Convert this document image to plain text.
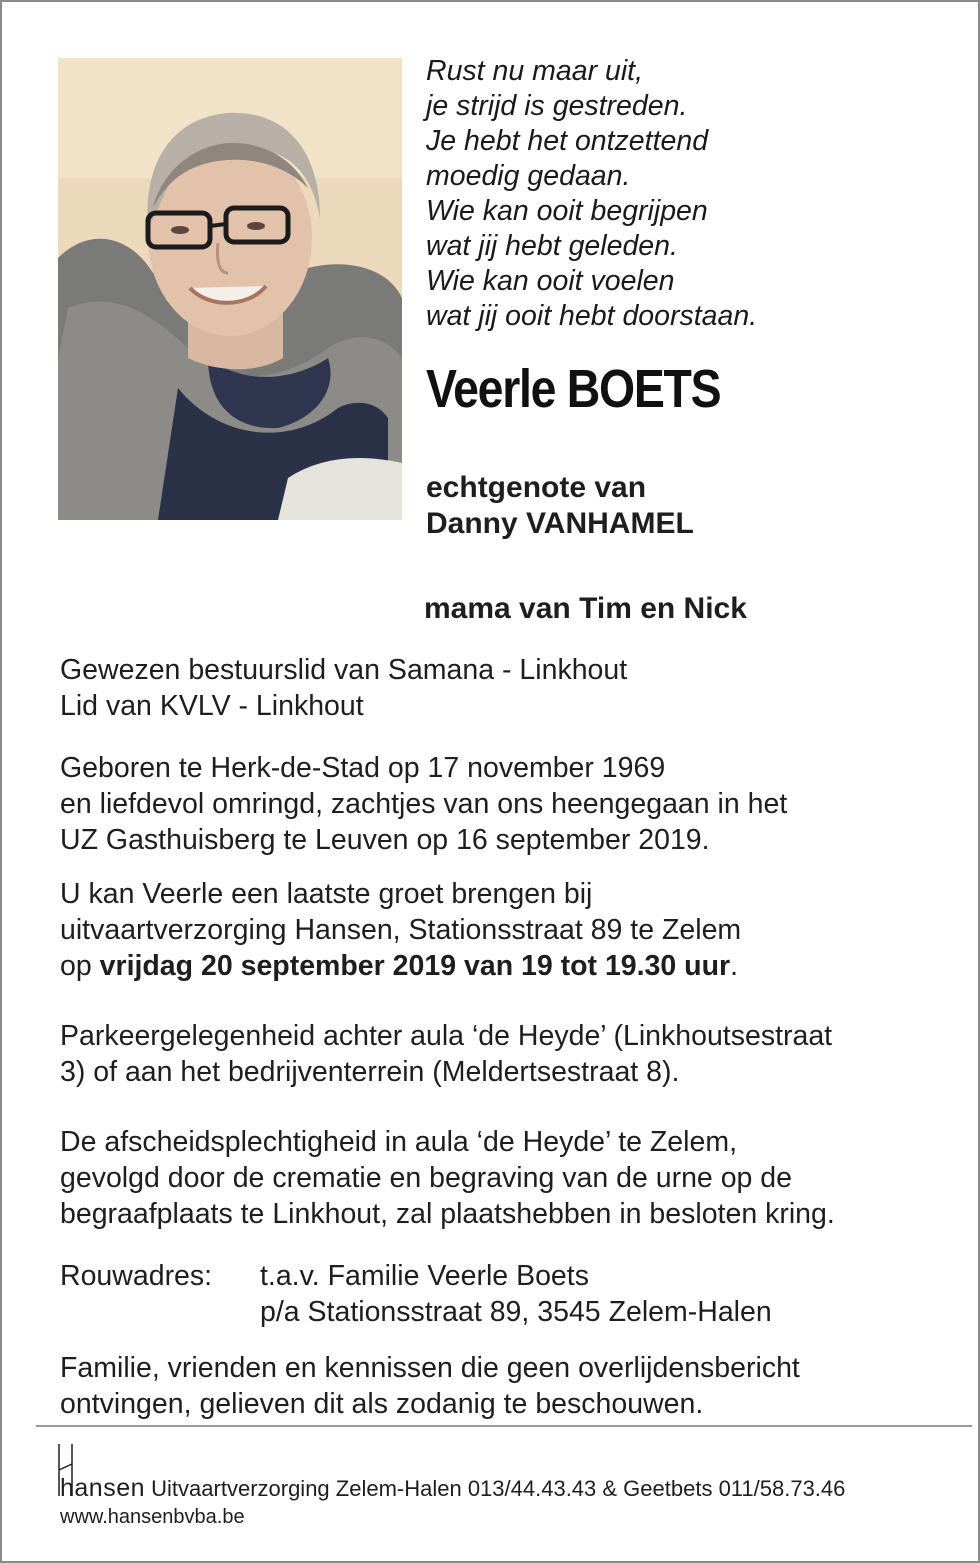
Rust nu maar uit,
je strijd is gestreden.
Je hebt het ontzettend
moedig gedaan.
Wie kan ooit begrijpen
wat jij hebt geleden.
Wie kan ooit voelen
wat jij ooit hebt doorstaan.
Veerle BOETS
echtgenote van
Danny VANHAMEL
mama van Tim en Nick
Gewezen bestuurslid van Samana - Linkhout
Lid van KVLV - Linkhout
Geboren te Herk-de-Stad op 17 november 1969
en liefdevol omringd, zachtjes van ons heengegaan in het
UZ Gasthuisberg te Leuven op 16 september 2019.
U kan Veerle een laatste groet brengen bij
uitvaartverzorging Hansen, Stationsstraat 89 te Zelem
op vrijdag 20 september 2019 van 19 tot 19.30 uur.
Parkeergelegenheid achter aula ‘de Heyde’ (Linkhoutsestraat
3) of aan het bedrijventerrein (Meldertsestraat 8).
De afscheidsplechtigheid in aula ‘de Heyde’ te Zelem,
gevolgd door de crematie en begraving van de urne op de
begraafplaats te Linkhout, zal plaatshebben in besloten kring.
Rouwadres:	t.a.v. Familie Veerle Boets
p/a Stationsstraat 89, 3545 Zelem-Halen
Familie, vrienden en kennissen die geen overlijdensbericht
ontvingen, gelieven dit als zodanig te beschouwen.
hansen Uitvaartverzorging Zelem-Halen 013/44.43.43 & Geetbets 011/58.73.46
www.hansenbvba.be
